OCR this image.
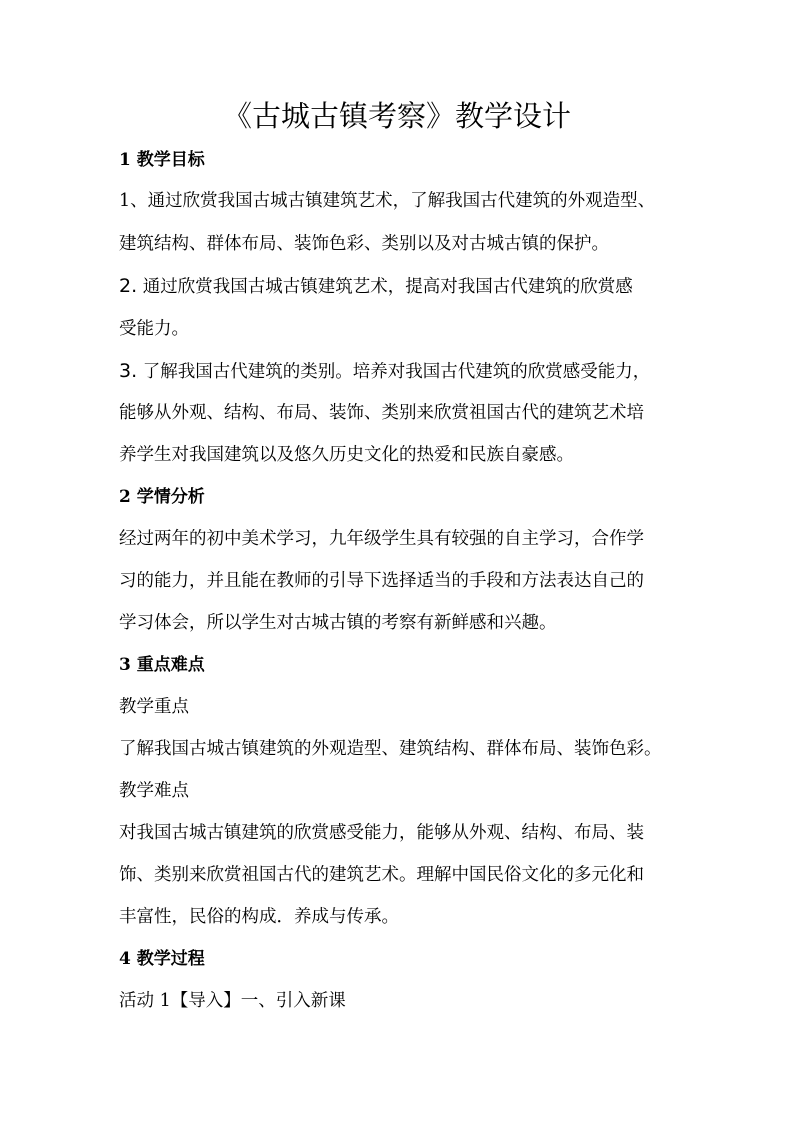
《古城古镇考察》教学设计
1 教学目标
1、通过欣赏我国古城古镇建筑艺术，了解我国古代建筑的外观造型、
建筑结构、群体布局、装饰色彩、类别以及对古城古镇的保护。
2. 通过欣赏我国古城古镇建筑艺术，提高对我国古代建筑的欣赏感
受能力。
3. 了解我国古代建筑的类别。培养对我国古代建筑的欣赏感受能力，
能够从外观、结构、布局、装饰、类别来欣赏祖国古代的建筑艺术培
养学生对我国建筑以及悠久历史文化的热爱和民族自豪感。
2 学情分析
经过两年的初中美术学习，九年级学生具有较强的自主学习，合作学
习的能力，并且能在教师的引导下选择适当的手段和方法表达自己的
学习体会，所以学生对古城古镇的考察有新鲜感和兴趣。
3 重点难点
教学重点
了解我国古城古镇建筑的外观造型、建筑结构、群体布局、装饰色彩。
教学难点
对我国古城古镇建筑的欣赏感受能力，能够从外观、结构、布局、装
饰、类别来欣赏祖国古代的建筑艺术。理解中国民俗文化的多元化和
丰富性，民俗的构成．养成与传承。
4 教学过程
活动 1【导入】一、引入新课
